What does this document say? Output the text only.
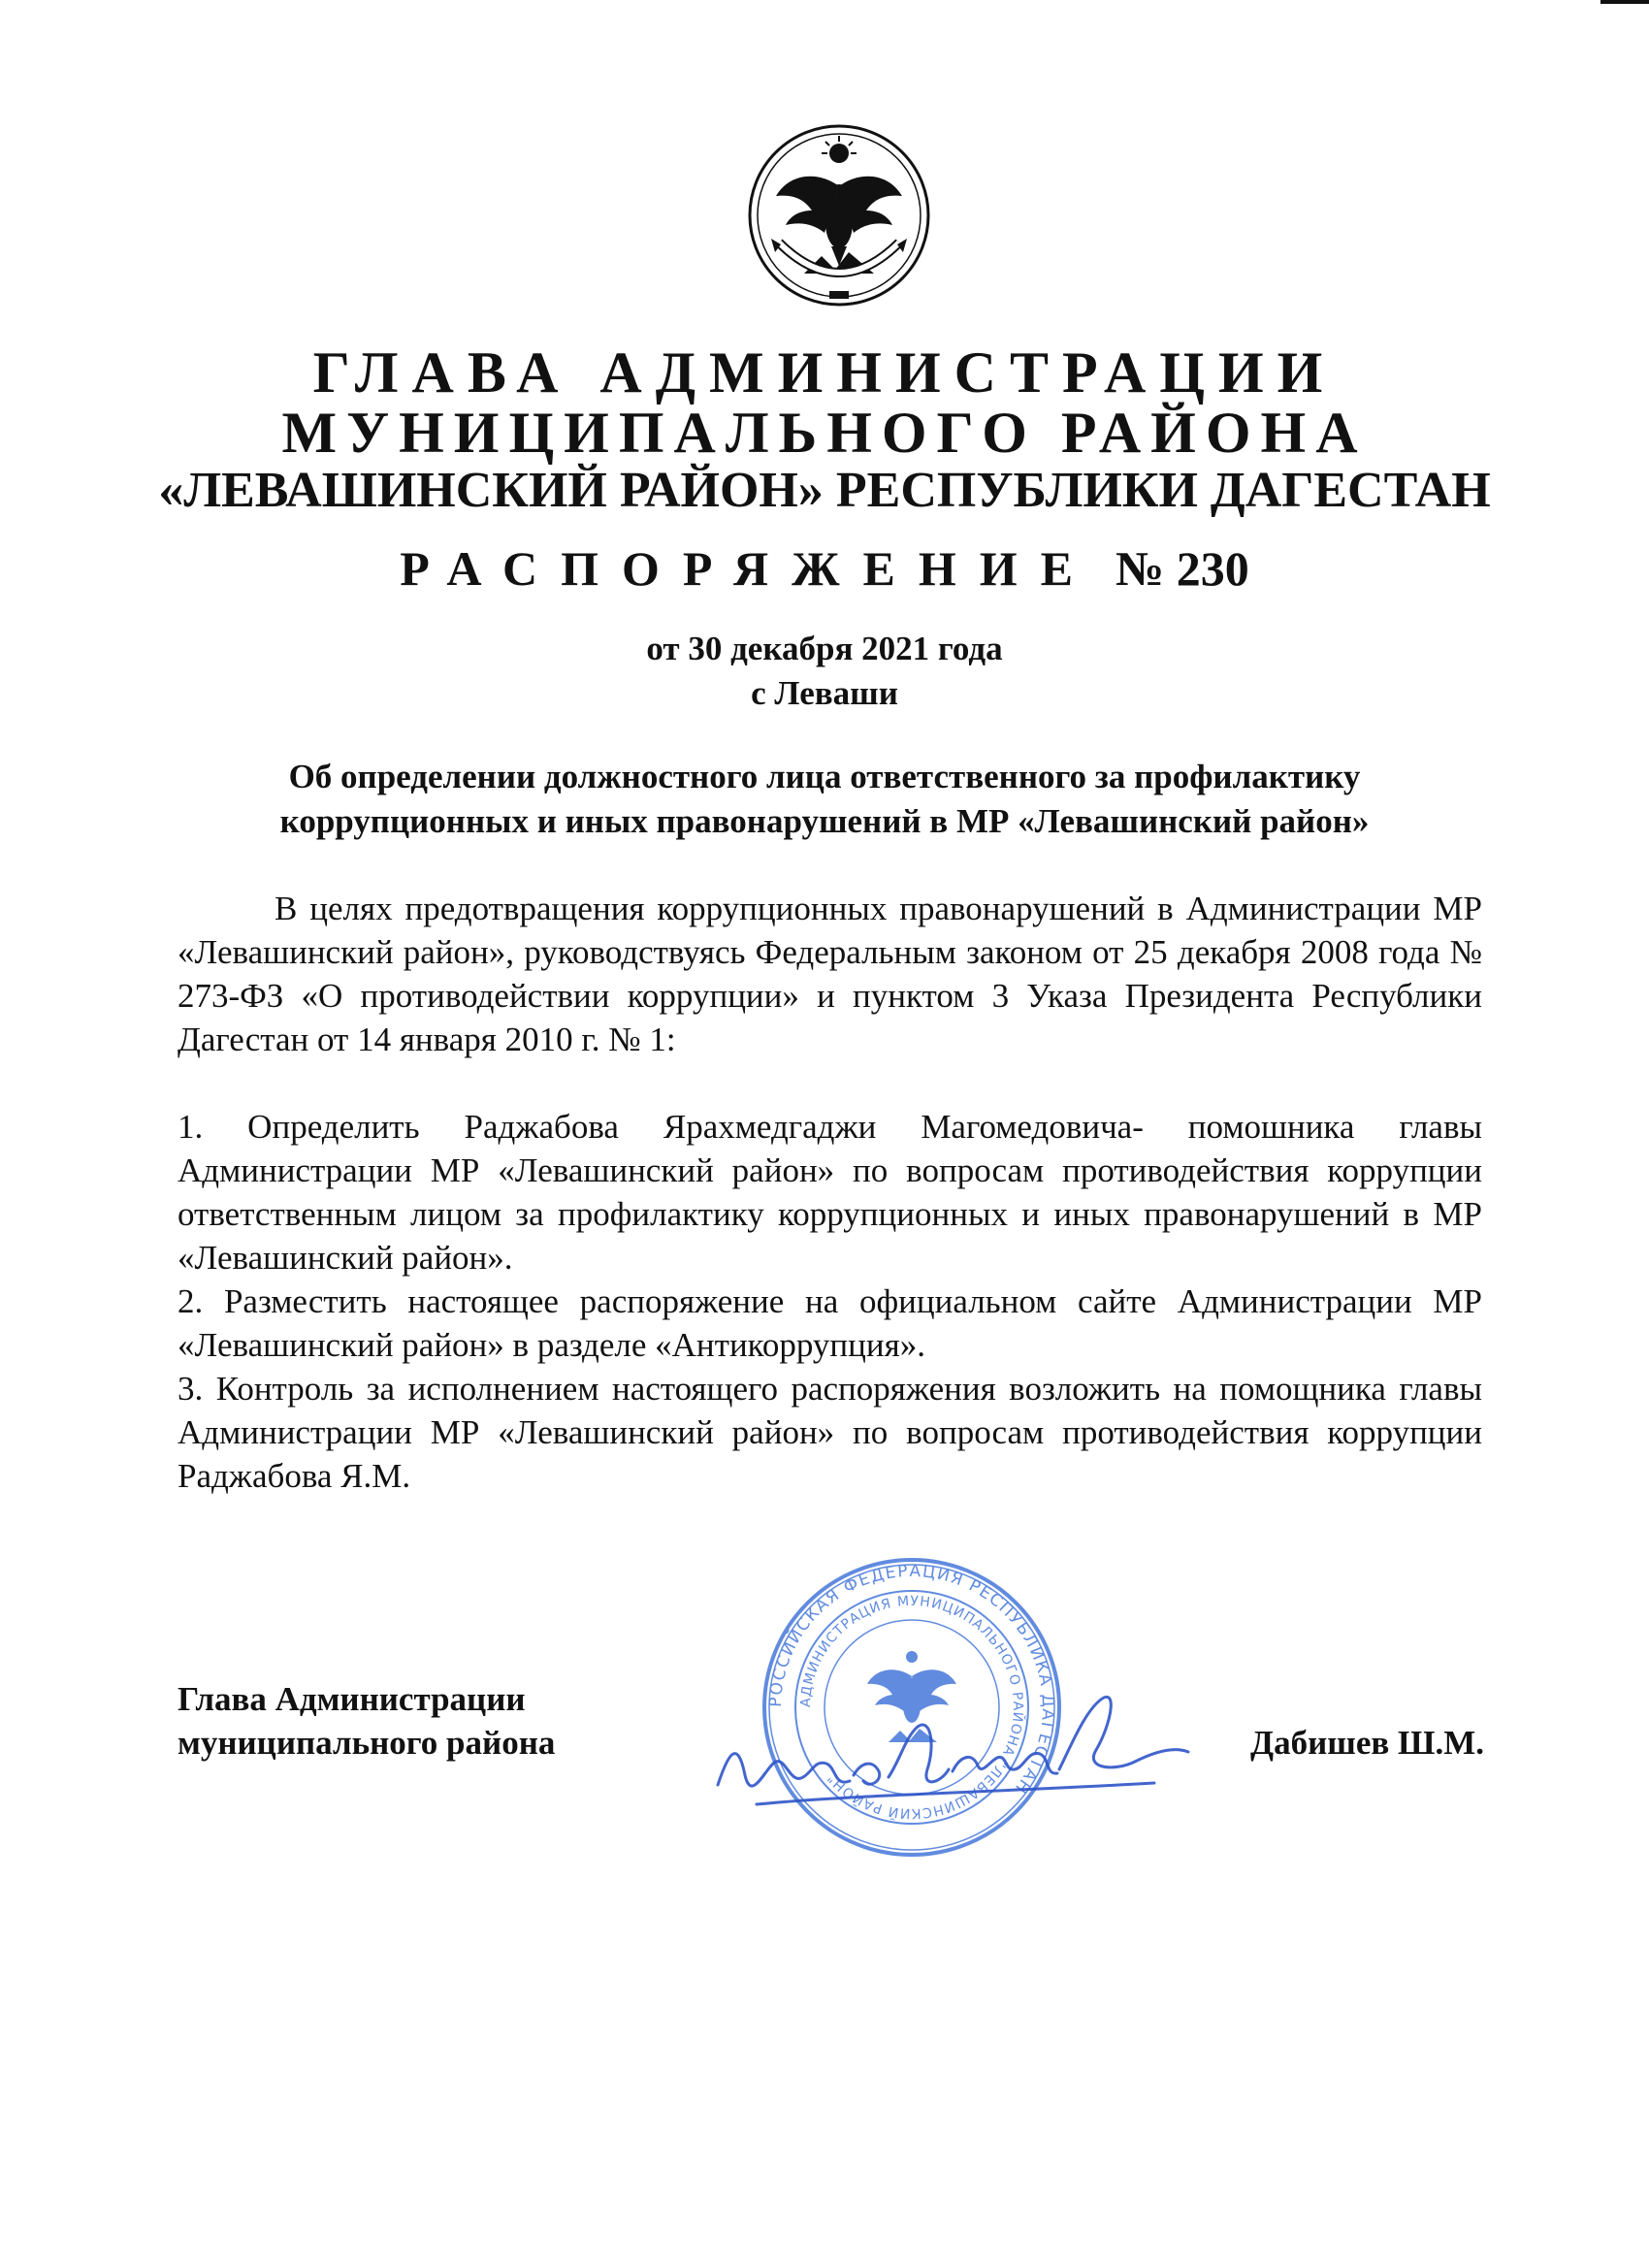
ГЛАВА АДМИНИСТРАЦИИ
МУНИЦИПАЛЬНОГО РАЙОНА
«ЛЕВАШИНСКИЙ РАЙОН» РЕСПУБЛИКИ ДАГЕСТАН
РАСПОРЯЖЕНИЕ № 230
от 30 декабря 2021 года
с Леваши
Об определении должностного лица ответственного за профилактику
коррупционных и иных правонарушений в МР «Левашинский район»

В целях предотвращения коррупционных правонарушений в Администрации МР «Левашинский район», руководствуясь Федеральным законом от 25 декабря 2008 года № 273-ФЗ «О противодействии коррупции» и пунктом 3 Указа Президента Республики Дагестан от 14 января 2010 г. № 1:

1. Определить Раджабова Ярахмедгаджи Магомедовича- помошника главы Администрации МР «Левашинский район» по вопросам противодействия коррупции ответственным лицом за профилактику коррупционных и иных правонарушений в МР «Левашинский район».

2. Разместить настоящее распоряжение на официальном сайте Администрации МР «Левашинский район» в разделе «Антикоррупция».

3. Контроль за исполнением настоящего распоряжения возложить на помощника главы Администрации МР «Левашинский район» по вопросам противодействия коррупции Раджабова Я.М.

РОССИЙСКАЯ ФЕДЕРАЦИЯ РЕСПУБЛИКА ДАГЕСТАН
АДМИНИСТРАЦИЯ МУНИЦИПАЛЬНОГО РАЙОНА "ЛЕВАШИНСКИЙ РАЙОН"
Глава Администрации
муниципального района	Дабишев Ш.М.
